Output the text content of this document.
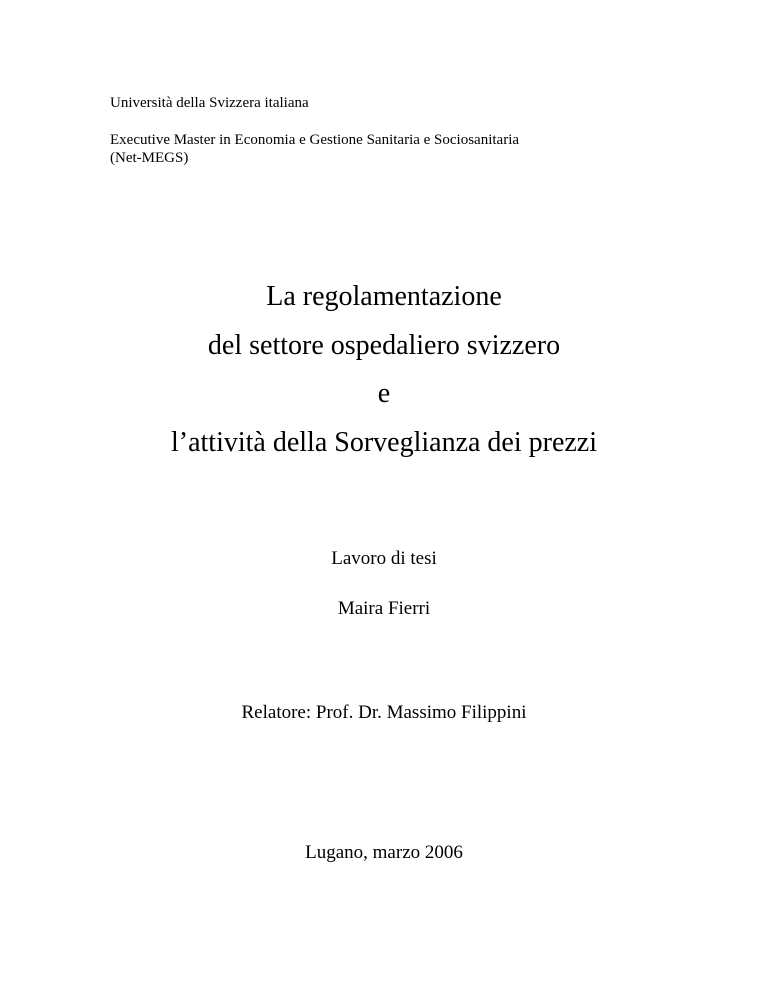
Università della Svizzera italiana
Executive Master in Economia e Gestione Sanitaria e Sociosanitaria
(Net-MEGS)
La regolamentazione
del settore ospedaliero svizzero
e
l’attività della Sorveglianza dei prezzi
Lavoro di tesi
Maira Fierri
Relatore: Prof. Dr. Massimo Filippini
Lugano, marzo 2006
